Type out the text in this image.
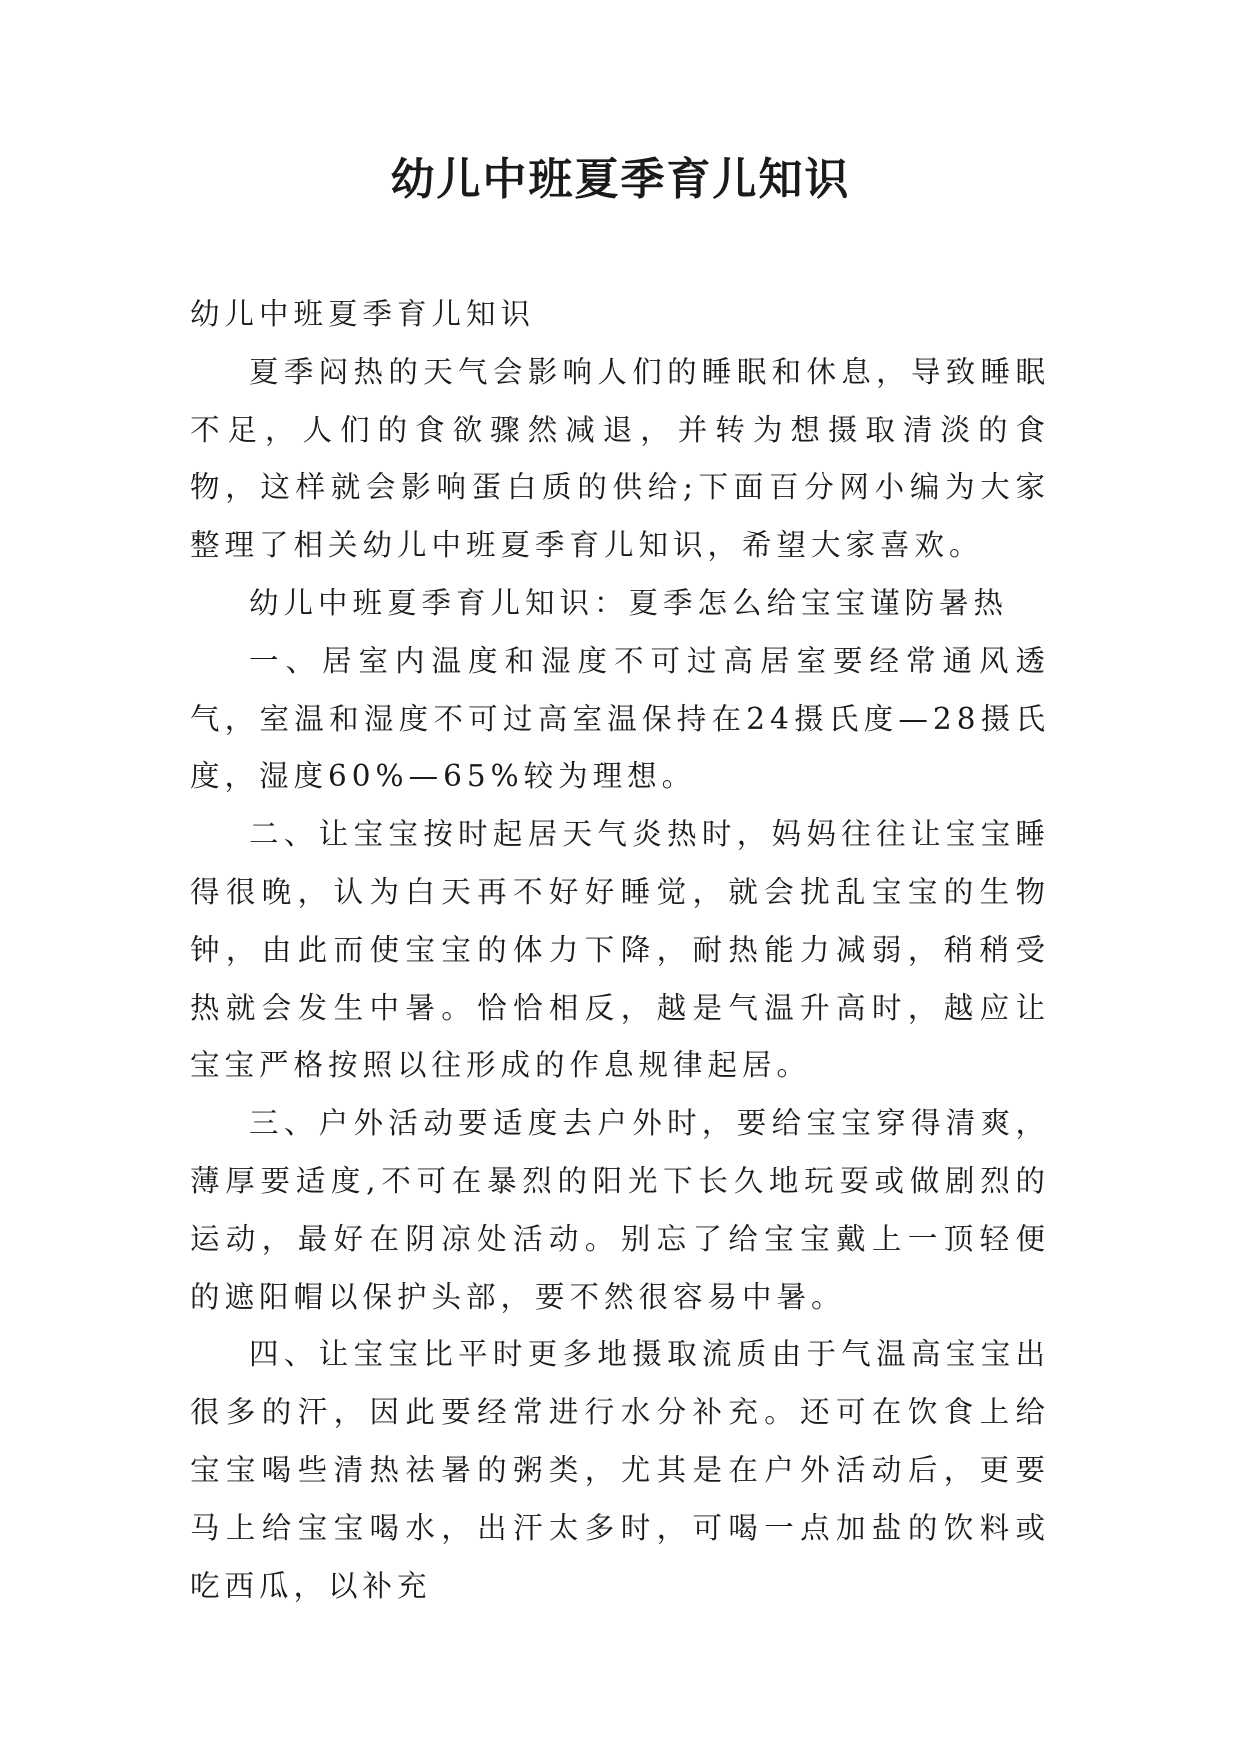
幼儿中班夏季育儿知识

幼儿中班夏季育儿知识

夏季闷热的天气会影响人们的睡眠和休息，导致睡眠不足，人们的食欲骤然减退，并转为想摄取清淡的食物，这样就会影响蛋白质的供给;下面百分网小编为大家整理了相关幼儿中班夏季育儿知识，希望大家喜欢。

幼儿中班夏季育儿知识：夏季怎么给宝宝谨防暑热

一、居室内温度和湿度不可过高居室要经常通风透气，室温和湿度不可过高室温保持在24摄氏度—28摄氏度，湿度60%—65%较为理想。

二、让宝宝按时起居天气炎热时，妈妈往往让宝宝睡得很晚，认为白天再不好好睡觉，就会扰乱宝宝的生物钟，由此而使宝宝的体力下降，耐热能力减弱，稍稍受热就会发生中暑。恰恰相反，越是气温升高时，越应让宝宝严格按照以往形成的作息规律起居。

三、户外活动要适度去户外时，要给宝宝穿得清爽，薄厚要适度,不可在暴烈的阳光下长久地玩耍或做剧烈的运动，最好在阴凉处活动。别忘了给宝宝戴上一顶轻便的遮阳帽以保护头部，要不然很容易中暑。

四、让宝宝比平时更多地摄取流质由于气温高宝宝出很多的汗，因此要经常进行水分补充。还可在饮食上给宝宝喝些清热祛暑的粥类，尤其是在户外活动后，更要马上给宝宝喝水，出汗太多时，可喝一点加盐的饮料或吃西瓜，以补充
